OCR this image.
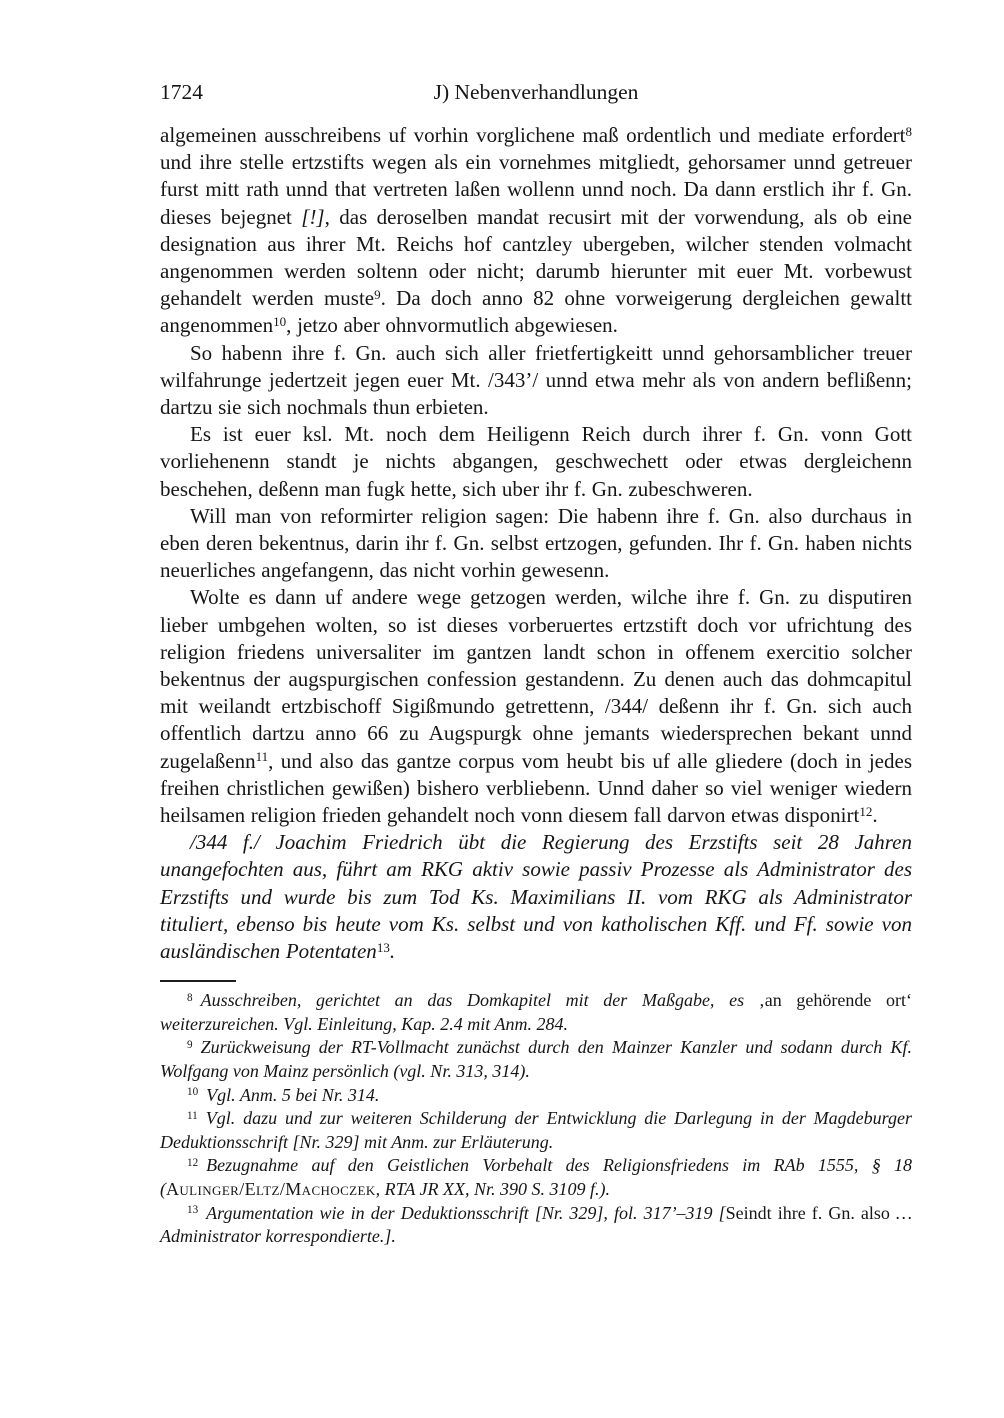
1724	J) Nebenverhandlungen

algemeinen ausschreibens uf vorhin vorglichene maß ordentlich und mediate erfordert$^8$ und ihre stelle ertzstifts wegen als ein vornehmes mitgliedt, gehorsamer unnd getreuer furst mitt rath unnd that vertreten laßen wollenn unnd noch. Da dann erstlich ihr f. Gn. dieses bejegnet [!], das deroselben mandat recusirt mit der vorwendung, als ob eine designation aus ihrer Mt. Reichs hof cantzley ubergeben, wilcher stenden volmacht angenommen werden soltenn oder nicht; darumb hierunter mit euer Mt. vorbewust gehandelt werden muste$^9$. Da doch anno 82 ohne vorweigerung dergleichen gewaltt angenommen$^{10}$, jetzo aber ohnvormutlich abgewiesen.

So habenn ihre f. Gn. auch sich aller frietfertigkeitt unnd gehorsamblicher treuer wilfahrunge jedertzeit jegen euer Mt. /343’/ unnd etwa mehr als von andern beflißenn; dartzu sie sich nochmals thun erbieten.

Es ist euer ksl. Mt. noch dem Heiligenn Reich durch ihrer f. Gn. vonn Gott vorliehenenn standt je nichts abgangen, geschwechett oder etwas dergleichenn beschehen, deßenn man fugk hette, sich uber ihr f. Gn. zubeschweren.

Will man von reformirter religion sagen: Die habenn ihre f. Gn. also durchaus in eben deren bekentnus, darin ihr f. Gn. selbst ertzogen, gefunden. Ihr f. Gn. haben nichts neuerliches angefangenn, das nicht vorhin gewesenn.

Wolte es dann uf andere wege getzogen werden, wilche ihre f. Gn. zu disputiren lieber umbgehen wolten, so ist dieses vorberuertes ertzstift doch vor ufrichtung des religion friedens universaliter im gantzen landt schon in offenem exercitio solcher bekentnus der augspurgischen confession gestandenn. Zu denen auch das dohmcapitul mit weilandt ertzbischoff Sigißmundo getrettenn, /344/ deßenn ihr f. Gn. sich auch offentlich dartzu anno 66 zu Augspurgk ohne jemants wiedersprechen bekant unnd zugelaßenn$^{11}$, und also das gantze corpus vom heubt bis uf alle gliedere (doch in jedes freihen christlichen gewißen) bishero verbliebenn. Unnd daher so viel weniger wiedern heilsamen religion frieden gehandelt noch vonn diesem fall darvon etwas disponirt$^{12}$.

/344 f./ Joachim Friedrich übt die Regierung des Erzstifts seit 28 Jahren unangefochten aus, führt am RKG aktiv sowie passiv Prozesse als Administrator des Erzstifts und wurde bis zum Tod Ks. Maximilians II. vom RKG als Administrator tituliert, ebenso bis heute vom Ks. selbst und von katholischen Kff. und Ff. sowie von ausländischen Potentaten$^{13}$.

$^8$ Ausschreiben, gerichtet an das Domkapitel mit der Maßgabe, es ‚an gehörende ort‘ weiterzureichen. Vgl. Einleitung, Kap. 2.4 mit Anm. 284.

$^9$ Zurückweisung der RT-Vollmacht zunächst durch den Mainzer Kanzler und sodann durch Kf. Wolfgang von Mainz persönlich (vgl. Nr. 313, 314).

$^{10}$ Vgl. Anm. 5 bei Nr. 314.

$^{11}$ Vgl. dazu und zur weiteren Schilderung der Entwicklung die Darlegung in der Magdeburger Deduktionsschrift [Nr. 329] mit Anm. zur Erläuterung.

$^{12}$ Bezugnahme auf den Geistlichen Vorbehalt des Religionsfriedens im RAb 1555, § 18 (Aulinger/Eltz/Machoczek, RTA JR XX, Nr. 390 S. 3109 f.).

$^{13}$ Argumentation wie in der Deduktionsschrift [Nr. 329], fol. 317’–319 [Seindt ihre f. Gn. also … Administrator korrespondierte.].
